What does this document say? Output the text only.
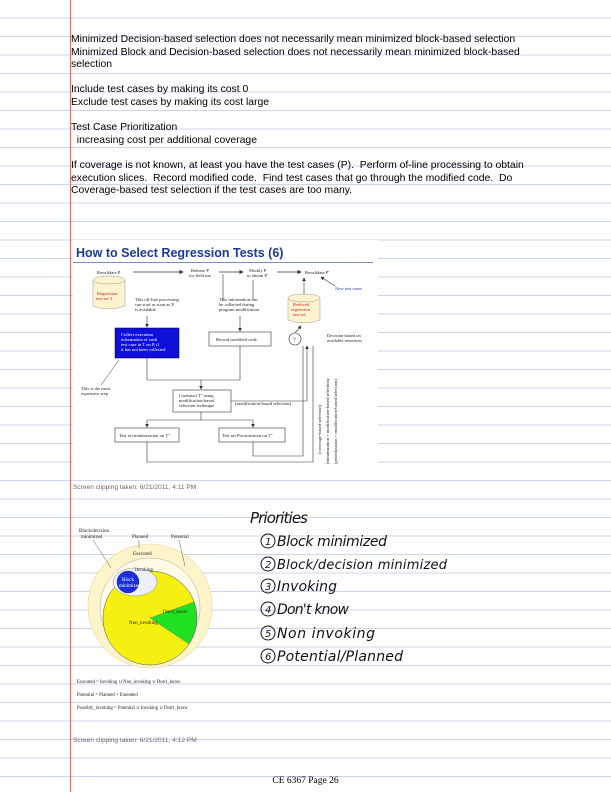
Minimized Decision-based selection does not necessarily mean minimized block-based selection

Minimized Block and Decision-based selection does not necessarily mean minimized block-based selection

Include test cases by making its cost 0

Exclude test cases by making its cost large

Test Case Prioritization

increasing cost per additional coverage

If coverage is not known, at least you have the test cases (P).  Perform of-line processing to obtain execution slices.  Record modified code.  Find test cases that go through the modified code.  Do Coverage-based test selection if the test cases are too many.

Revalidate P	Release P
for field use
Modify P
to obtain P'
Revalidate P'
Regression
test set T	This off-line processing
can start as soon as P
is available
This information can
be collected during
program modification
Reduced
regression
test set
New test cases
Collect execution
information of each
test case in T on P, if
it has not been collected
Record modified code	?
Decision based on
available resources
This is the most
expensive step	Construct T'' using
modification-based
selection technique	(modification-based selection)
Test set minimization on T''	Test set Prioritization on T''	(coverage-based selection) (minimization + modification-based selection) (prioritization + modification-based selection)
How to Select Regression Tests (6)
Screen clipping taken: 6/21/2011, 4:11 PM
Block/decision
minimized	Planned	Potential
Executed
Invoking
Block
minimized
Don't_know
Non_invoking
Executed = Invoking ∪ Non_invoking ∪ Don't_know
Potential = Planned + Extended
Possibly_invoking = Potential ∪ Invoking ∪ Don't_know
Screen clipping taken: 6/21/2011, 4:12 PM
Priorities
1 Block minimized
2 Block/decision minimized
3 Invoking
4 Don't know
5 Non invoking
6 Potential/Planned
CE 6367 Page 26
